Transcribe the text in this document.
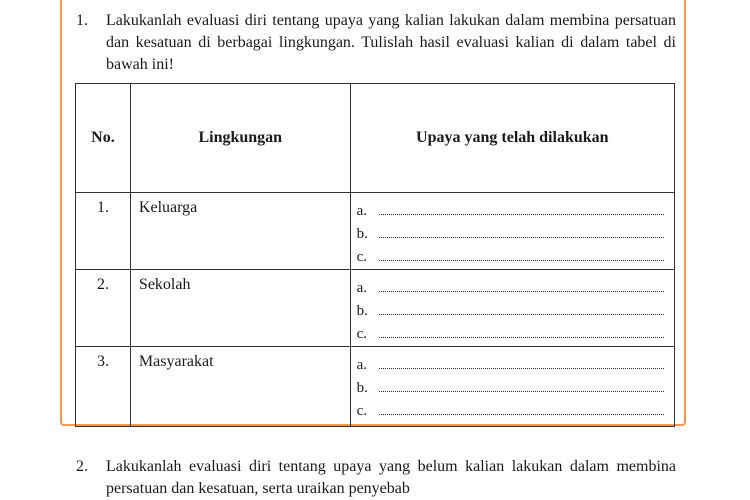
1. Lakukanlah evaluasi diri tentang upaya yang kalian lakukan dalam membina persatuan dan kesatuan di berbagai lingkungan. Tulislah hasil evaluasi kalian di dalam tabel di bawah ini!
No.	Lingkungan	Upaya yang telah dilakukan
1.	Keluarga	a.
b.
c.

2.	Sekolah	a.
b.
c.

3.	Masyarakat	a.
b.
c.
2. Lakukanlah evaluasi diri tentang upaya yang belum kalian lakukan dalam membina persatuan dan kesatuan, serta uraikan penyebab
